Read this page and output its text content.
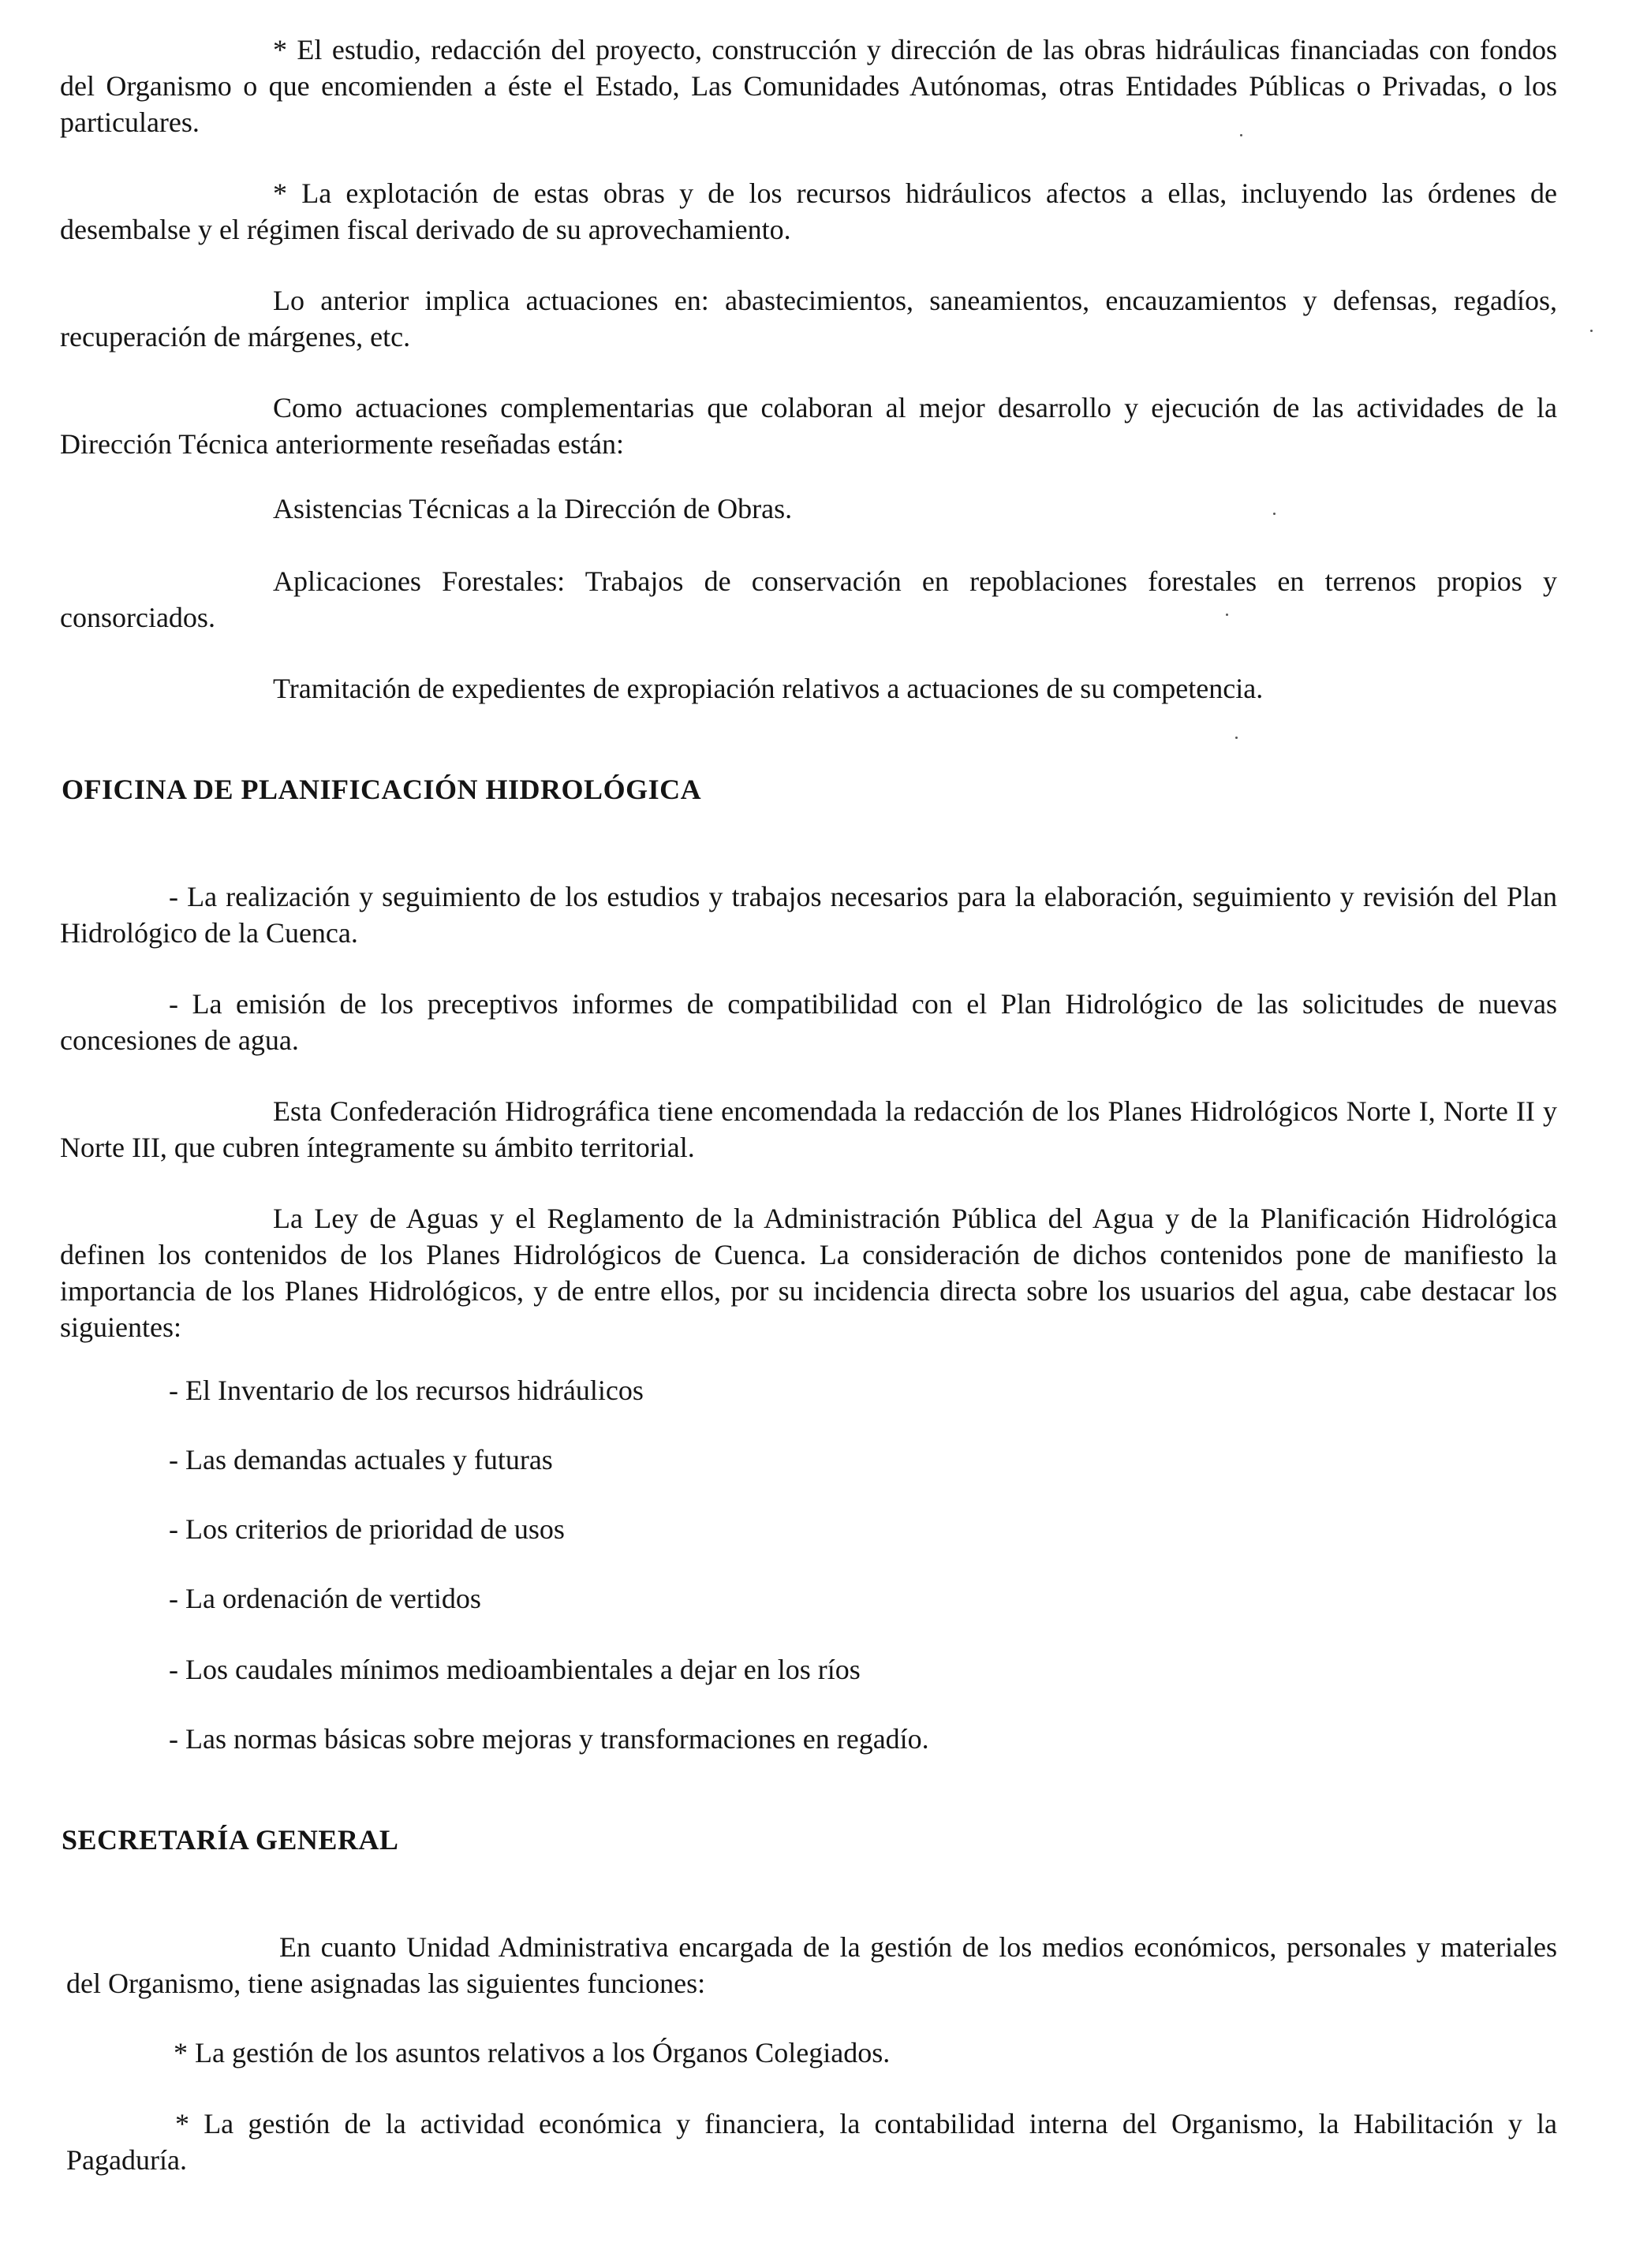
* El estudio, redacción del proyecto, construcción y dirección de las obras hidráulicas financiadas con fondos del Organismo o que encomienden a éste el Estado, Las Comunidades Autónomas, otras Entidades Públicas o Privadas, o los particulares.

* La explotación de estas obras y de los recursos hidráulicos afectos a ellas, incluyendo las órdenes de desembalse y el régimen fiscal derivado de su aprovechamiento.

Lo anterior implica actuaciones en: abastecimientos, saneamientos, encauzamientos y defensas, regadíos, recuperación de márgenes, etc.

Como actuaciones complementarias que colaboran al mejor desarrollo y ejecución de las actividades de la Dirección Técnica anteriormente reseñadas están:

Asistencias Técnicas a la Dirección de Obras.

Aplicaciones Forestales: Trabajos de conservación en repoblaciones forestales en terrenos propios y

consorciados.

Tramitación de expedientes de expropiación relativos a actuaciones de su competencia.

OFICINA DE PLANIFICACIÓN HIDROLÓGICA

- La realización y seguimiento de los estudios y trabajos necesarios para la elaboración, seguimiento y revisión del Plan Hidrológico de la Cuenca.

- La emisión de los preceptivos informes de compatibilidad con el Plan Hidrológico de las solicitudes de nuevas concesiones de agua.

Esta Confederación Hidrográfica tiene encomendada la redacción de los Planes Hidrológicos Norte I, Norte II y Norte III, que cubren íntegramente su ámbito territorial.

La Ley de Aguas y el Reglamento de la Administración Pública del Agua y de la Planificación Hidrológica definen los contenidos de los Planes Hidrológicos de Cuenca. La consideración de dichos contenidos pone de manifiesto la importancia de los Planes Hidrológicos, y de entre ellos, por su incidencia directa sobre los usuarios del agua, cabe destacar los siguientes:

- El Inventario de los recursos hidráulicos

- Las demandas actuales y futuras

- Los criterios de prioridad de usos

- La ordenación de vertidos

- Los caudales mínimos medioambientales a dejar en los ríos

- Las normas básicas sobre mejoras y transformaciones en regadío.

SECRETARÍA GENERAL

En cuanto Unidad Administrativa encargada de la gestión de los medios económicos, personales y materiales del Organismo, tiene asignadas las siguientes funciones:

* La gestión de los asuntos relativos a los Órganos Colegiados.

* La gestión de la actividad económica y financiera, la contabilidad interna del Organismo, la Habilitación y la Pagaduría.
